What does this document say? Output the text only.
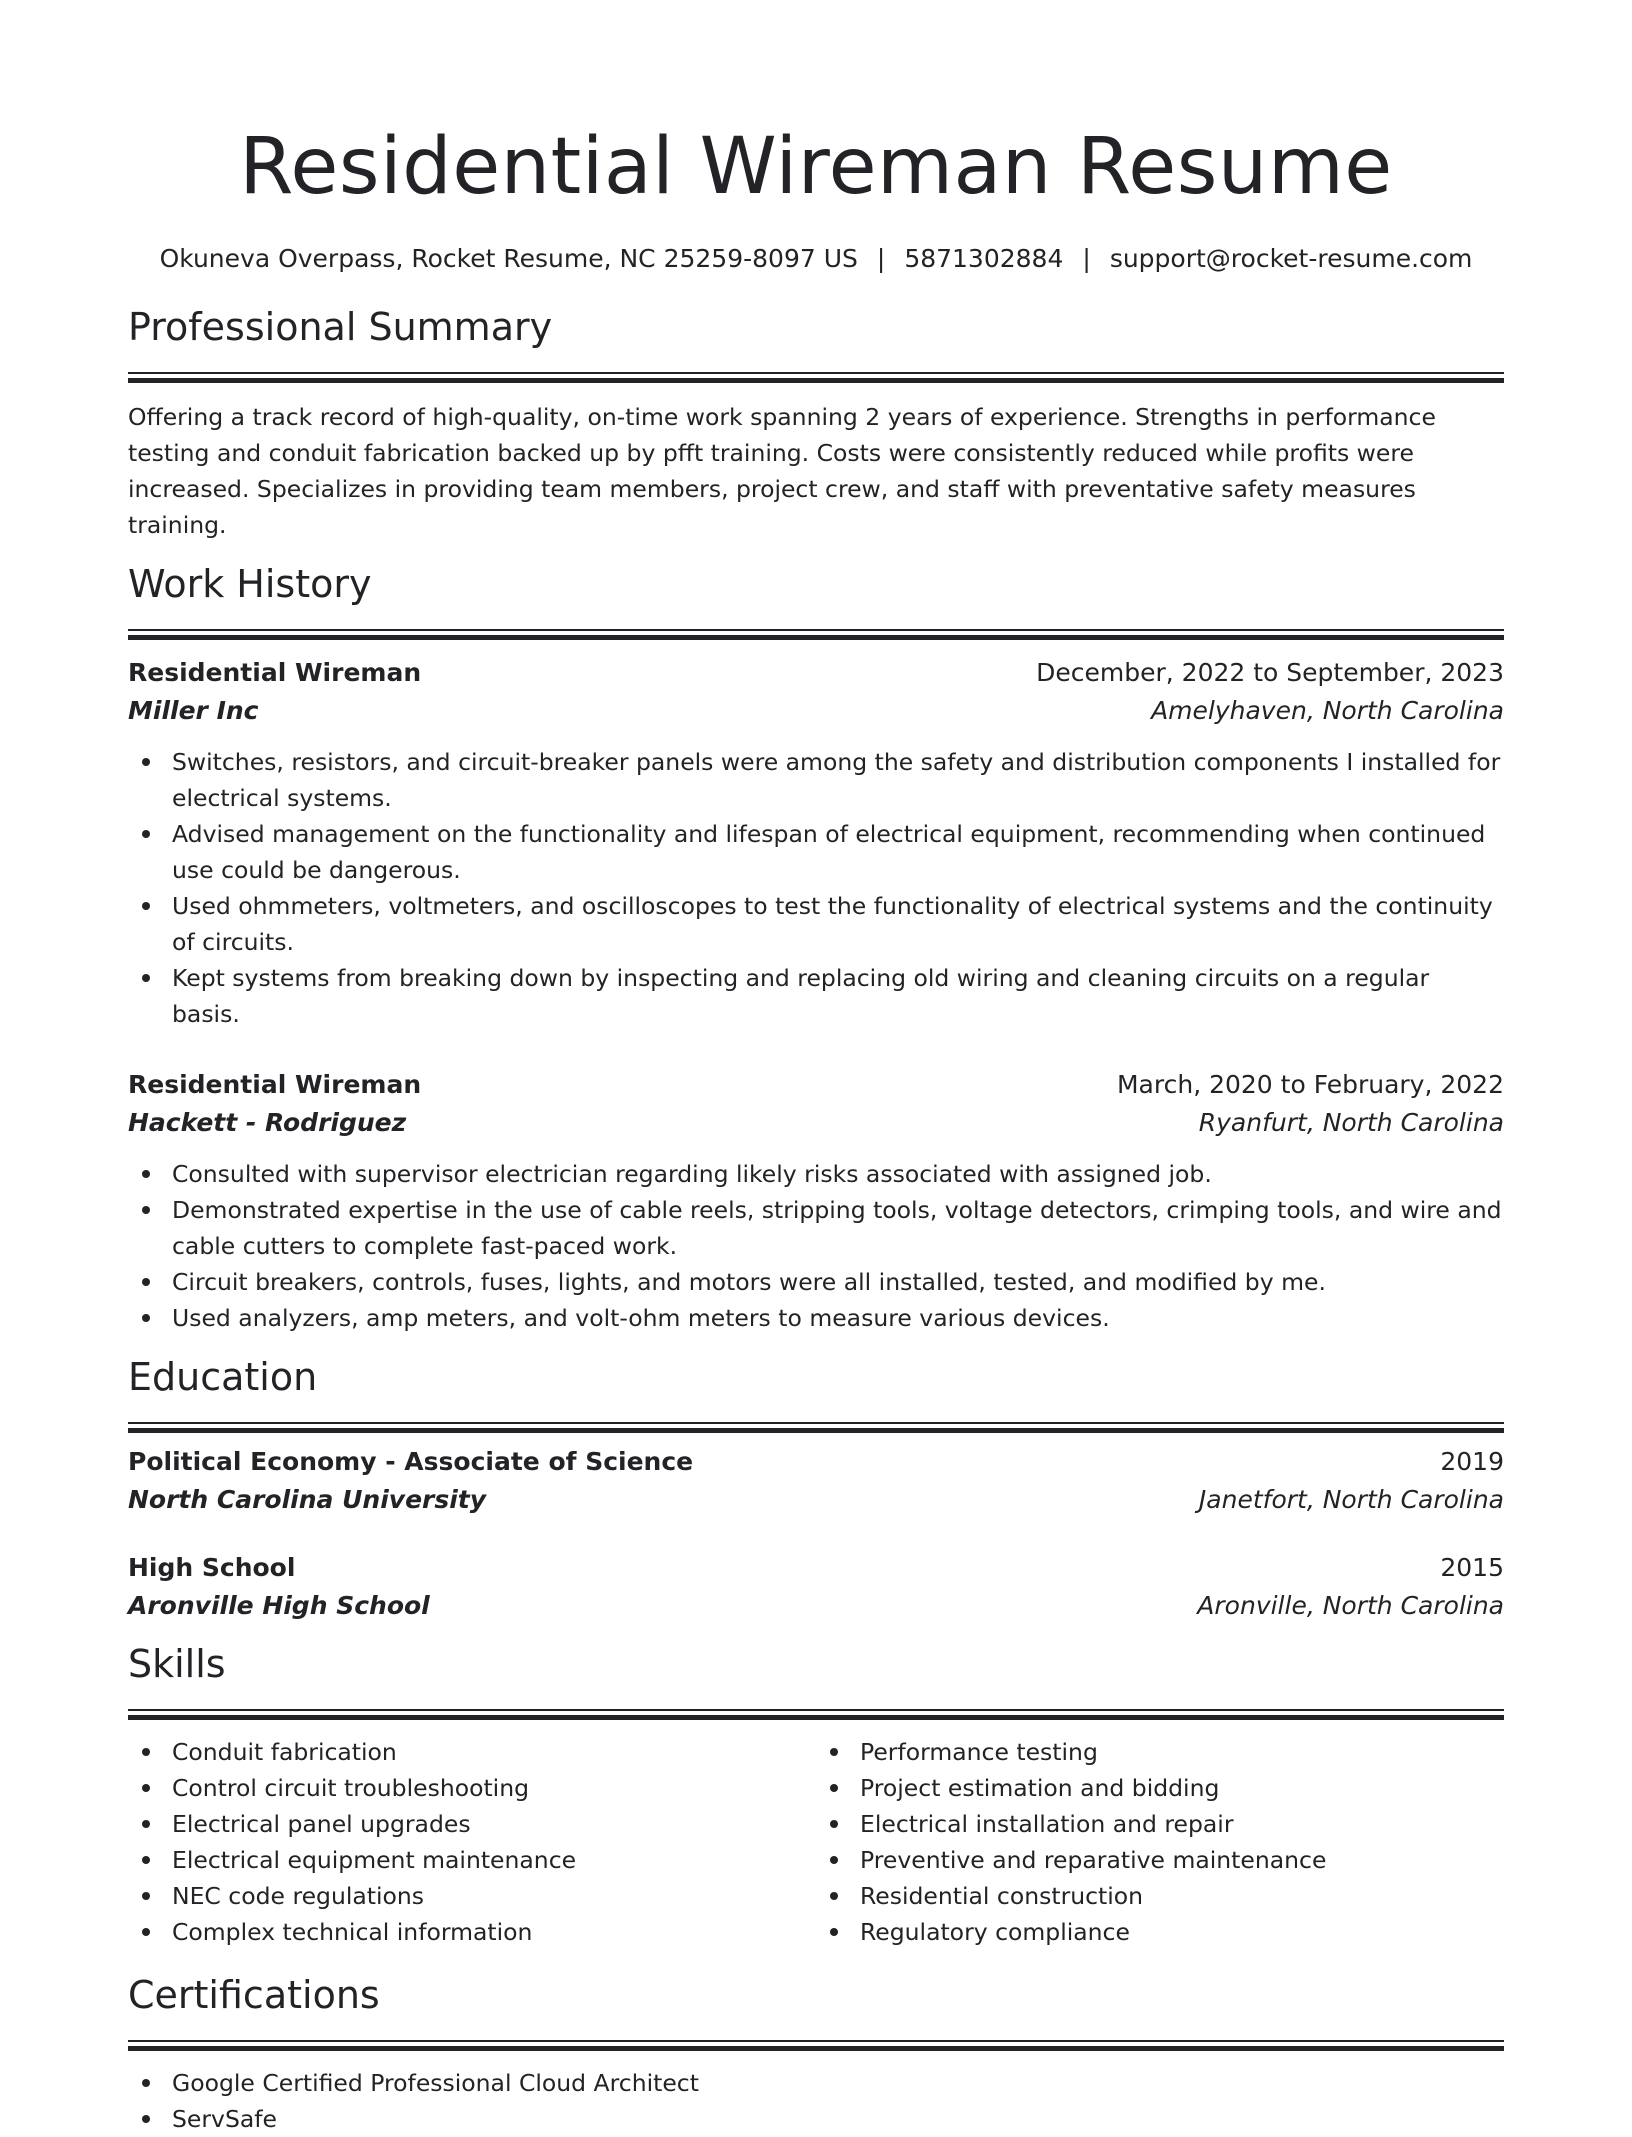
Residential Wireman Resume
Okuneva Overpass, Rocket Resume, NC 25259-8097 US | 5871302884 | support@rocket-resume.com
Professional Summary

Offering a track record of high-quality, on-time work spanning 2 years of experience. Strengths in performance testing and conduit fabrication backed up by pfft training. Costs were consistently reduced while profits were increased. Specializes in providing team members, project crew, and staff with preventative safety measures training.

Work History
Residential Wireman	December, 2022 to September, 2023
Miller Inc	Amelyhaven, North Carolina
Switches, resistors, and circuit-breaker panels were among the safety and distribution components I installed for electrical systems.
Advised management on the functionality and lifespan of electrical equipment, recommending when continued use could be dangerous.
Used ohmmeters, voltmeters, and oscilloscopes to test the functionality of electrical systems and the continuity of circuits.
Kept systems from breaking down by inspecting and replacing old wiring and cleaning circuits on a regular basis.
Residential Wireman	March, 2020 to February, 2022
Hackett - Rodriguez	Ryanfurt, North Carolina
Consulted with supervisor electrician regarding likely risks associated with assigned job.
Demonstrated expertise in the use of cable reels, stripping tools, voltage detectors, crimping tools, and wire and cable cutters to complete fast-paced work.
Circuit breakers, controls, fuses, lights, and motors were all installed, tested, and modified by me.
Used analyzers, amp meters, and volt-ohm meters to measure various devices.
Education
Political Economy - Associate of Science	2019
North Carolina University	Janetfort, North Carolina
High School	2015
Aronville High School	Aronville, North Carolina
Skills
Conduit fabrication
Control circuit troubleshooting
Electrical panel upgrades
Electrical equipment maintenance
NEC code regulations
Complex technical information
Performance testing
Project estimation and bidding
Electrical installation and repair
Preventive and reparative maintenance
Residential construction
Regulatory compliance
Certifications
Google Certified Professional Cloud Architect
ServSafe
